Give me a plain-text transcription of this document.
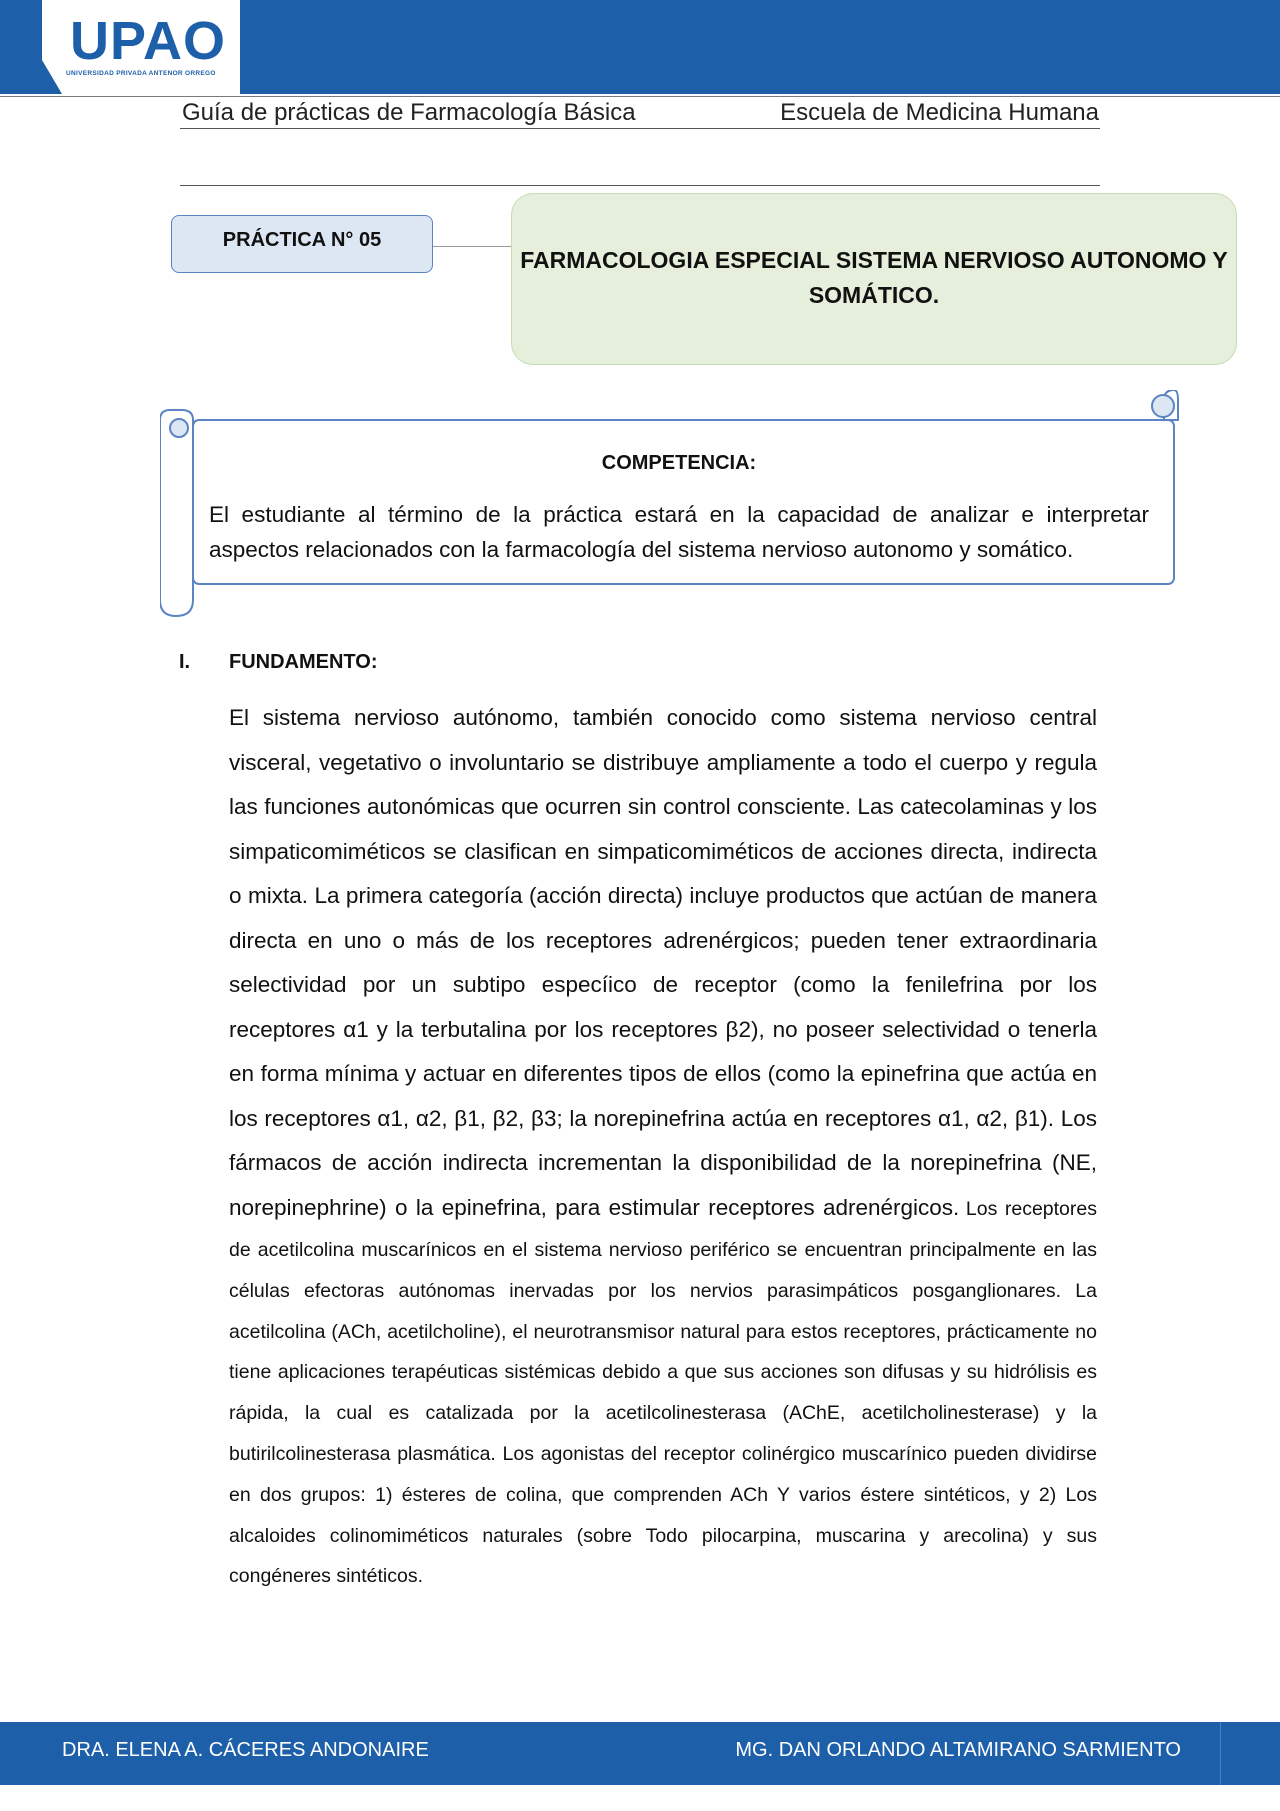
UPAO
UNIVERSIDAD PRIVADA ANTENOR ORREGO
Guía de prácticas de Farmacología Básica	Escuela de Medicina Humana
PRÁCTICA N° 05
FARMACOLOGIA ESPECIAL SISTEMA NERVIOSO AUTONOMO Y
SOMÁTICO.
COMPETENCIA:
El estudiante al término de la práctica estará en la capacidad de analizar e interpretar aspectos relacionados con la farmacología del sistema nervioso autonomo y somático.
I. FUNDAMENTO:
El sistema nervioso autónomo, también conocido como sistema nervioso central visceral, vegetativo o involuntario se distribuye ampliamente a todo el cuerpo y regula las funciones autonómicas que ocurren sin control consciente. Las catecolaminas y los simpaticomiméticos se clasifican en simpaticomiméticos de acciones directa, indirecta o mixta. La primera categoría (acción directa) incluye productos que actúan de manera directa en uno o más de los receptores adrenérgicos; pueden tener extraordinaria selectividad por un subtipo especíico de receptor (como la fenilefrina por los receptores α1 y la terbutalina por los receptores β2), no poseer selectividad o tenerla en forma mínima y actuar en diferentes tipos de ellos (como la epinefrina que actúa en los receptores α1, α2, β1, β2, β3; la norepinefrina actúa en receptores α1, α2, β1). Los fármacos de acción indirecta incrementan la disponibilidad de la norepinefrina (NE, norepinephrine) o la epinefrina, para estimular receptores adrenérgicos. Los receptores de acetilcolina muscarínicos en el sistema nervioso periférico se encuentran principalmente en las células efectoras autónomas inervadas por los nervios parasimpáticos posganglionares. La acetilcolina (ACh, acetilcholine), el neurotransmisor natural para estos receptores, prácticamente no tiene aplicaciones terapéuticas sistémicas debido a que sus acciones son difusas y su hidrólisis es rápida, la cual es catalizada por la acetilcolinesterasa (AChE, acetilcholinesterase) y la butirilcolinesterasa plasmática. Los agonistas del receptor colinérgico muscarínico pueden dividirse en dos grupos: 1) ésteres de colina, que comprenden ACh Y varios éstere sintéticos, y 2) Los alcaloides colinomiméticos naturales (sobre Todo pilocarpina, muscarina y arecolina) y sus congéneres sintéticos.
DRA. ELENA A. CÁCERES ANDONAIRE	MG. DAN ORLANDO ALTAMIRANO SARMIENTO
